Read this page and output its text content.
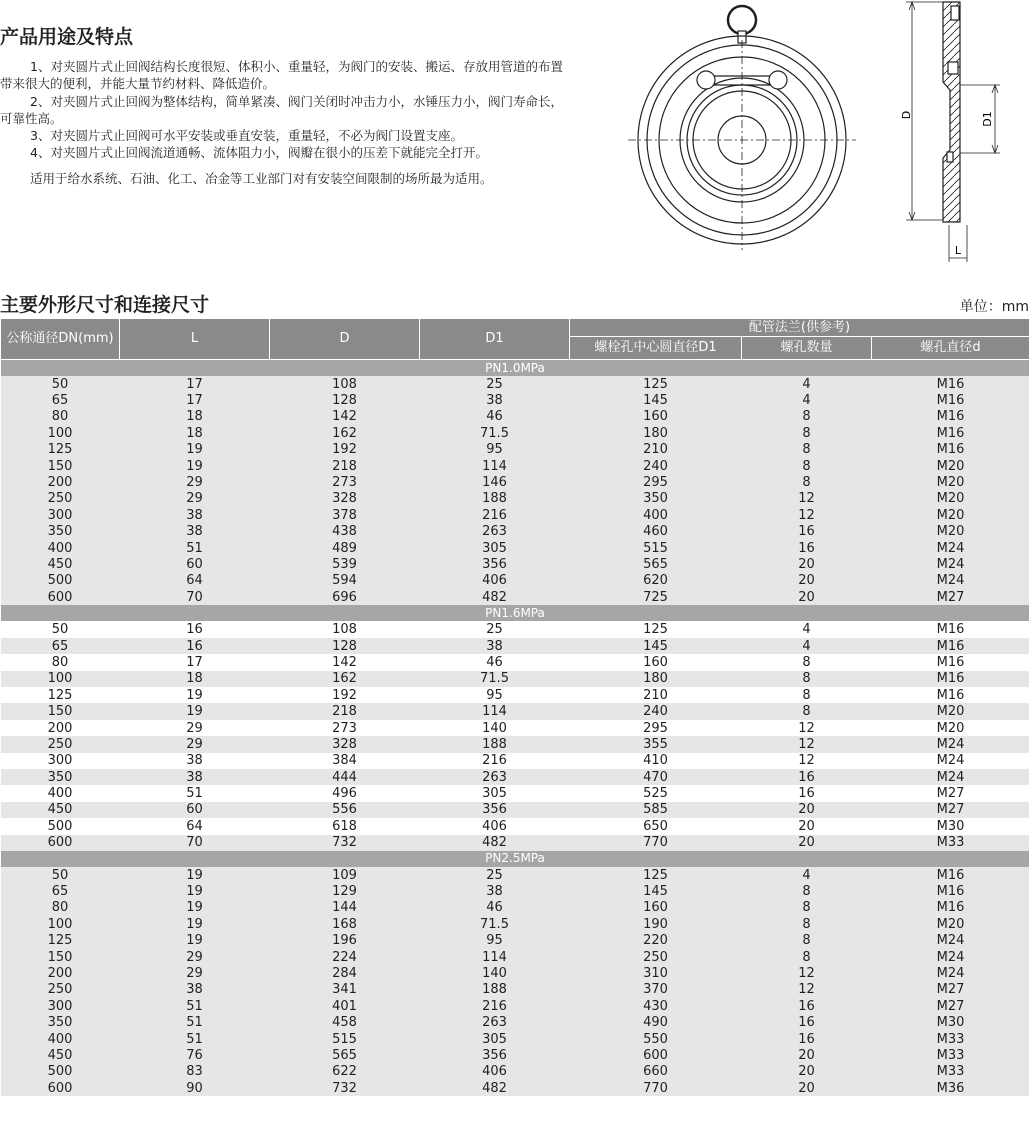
产品用途及特点

1、对夹圆片式止回阀结构长度很短、体积小、重量轻，为阀门的安装、搬运、存放用管道的布置带来很大的便利，并能大量节约材料、降低造价。

2、对夹圆片式止回阀为整体结构，简单紧凑、阀门关闭时冲击力小，水锤压力小，阀门寿命长，可靠性高。

3、对夹圆片式止回阀可水平安装或垂直安装，重量轻，不必为阀门设置支座。

4、对夹圆片式止回阀流道通畅、流体阻力小，阀瓣在很小的压差下就能完全打开。

适用于给水系统、石油、化工、冶金等工业部门对有安装空间限制的场所最为适用。

D	D1
L
主要外形尺寸和连接尺寸	单位：mm
公称通径DN(mm)	L	D	D1	配管法兰(供参考)		
				螺栓孔中心圆直径D1	螺孔数量	螺孔直径d
PN1.0MPa						
50	17	108	25	125	4	M16
65	17	128	38	145	4	M16
80	18	142	46	160	8	M16
100	18	162	71.5	180	8	M16
125	19	192	95	210	8	M16
150	19	218	114	240	8	M20
200	29	273	146	295	8	M20
250	29	328	188	350	12	M20
300	38	378	216	400	12	M20
350	38	438	263	460	16	M20
400	51	489	305	515	16	M24
450	60	539	356	565	20	M24
500	64	594	406	620	20	M24
600	70	696	482	725	20	M27
PN1.6MPa						
50	16	108	25	125	4	M16
65	16	128	38	145	4	M16
80	17	142	46	160	8	M16
100	18	162	71.5	180	8	M16
125	19	192	95	210	8	M16
150	19	218	114	240	8	M20
200	29	273	140	295	12	M20
250	29	328	188	355	12	M24
300	38	384	216	410	12	M24
350	38	444	263	470	16	M24
400	51	496	305	525	16	M27
450	60	556	356	585	20	M27
500	64	618	406	650	20	M30
600	70	732	482	770	20	M33
PN2.5MPa						
50	19	109	25	125	4	M16
65	19	129	38	145	8	M16
80	19	144	46	160	8	M16
100	19	168	71.5	190	8	M20
125	19	196	95	220	8	M24
150	29	224	114	250	8	M24
200	29	284	140	310	12	M24
250	38	341	188	370	12	M27
300	51	401	216	430	16	M27
350	51	458	263	490	16	M30
400	51	515	305	550	16	M33
450	76	565	356	600	20	M33
500	83	622	406	660	20	M33
600	90	732	482	770	20	M36
